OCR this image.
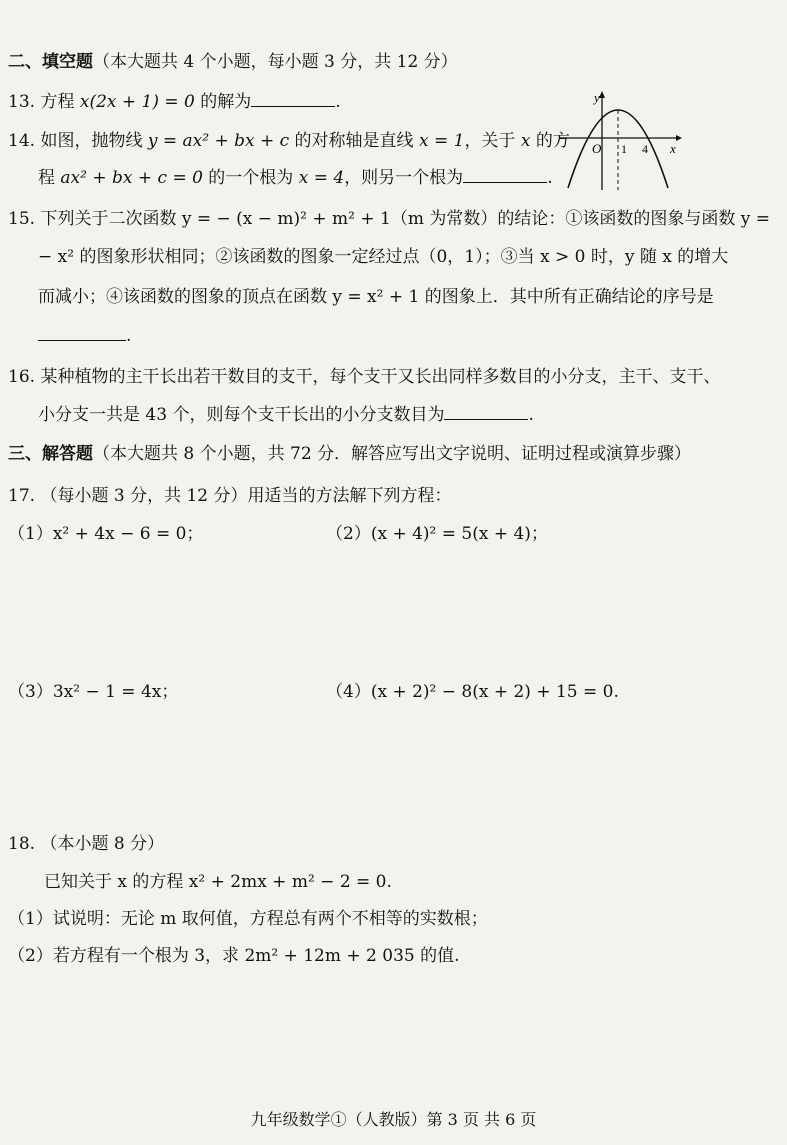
二、填空题（本大题共 4 个小题，每小题 3 分，共 12 分）
13. 方程 x(2x + 1) = 0 的解为	.
14. 如图，抛物线 y = ax² + bx + c 的对称轴是直线 x = 1，关于 x 的方
程 ax² + bx + c = 0 的一个根为 x = 4，则另一个根为	.
y
x
O 1 4
15. 下列关于二次函数 y = − (x − m)² + m² + 1（m 为常数）的结论：①该函数的图象与函数 y =
− x² 的图象形状相同；②该函数的图象一定经过点（0，1）；③当 x > 0 时，y 随 x 的增大
而减小；④该函数的图象的顶点在函数 y = x² + 1 的图象上．其中所有正确结论的序号是
.
16. 某种植物的主干长出若干数目的支干，每个支干又长出同样多数目的小分支，主干、支干、
小分支一共是 43 个，则每个支干长出的小分支数目为	.
三、解答题（本大题共 8 个小题，共 72 分．解答应写出文字说明、证明过程或演算步骤）
17. （每小题 3 分，共 12 分）用适当的方法解下列方程：
（1）x² + 4x − 6 = 0；	（2）(x + 4)² = 5(x + 4)；
（3）3x² − 1 = 4x；	（4）(x + 2)² − 8(x + 2) + 15 = 0.
18. （本小题 8 分）
已知关于 x 的方程 x² + 2mx + m² − 2 = 0.
（1）试说明：无论 m 取何值，方程总有两个不相等的实数根；
（2）若方程有一个根为 3，求 2m² + 12m + 2 035 的值.
九年级数学①（人教版）第 3 页 共 6 页
